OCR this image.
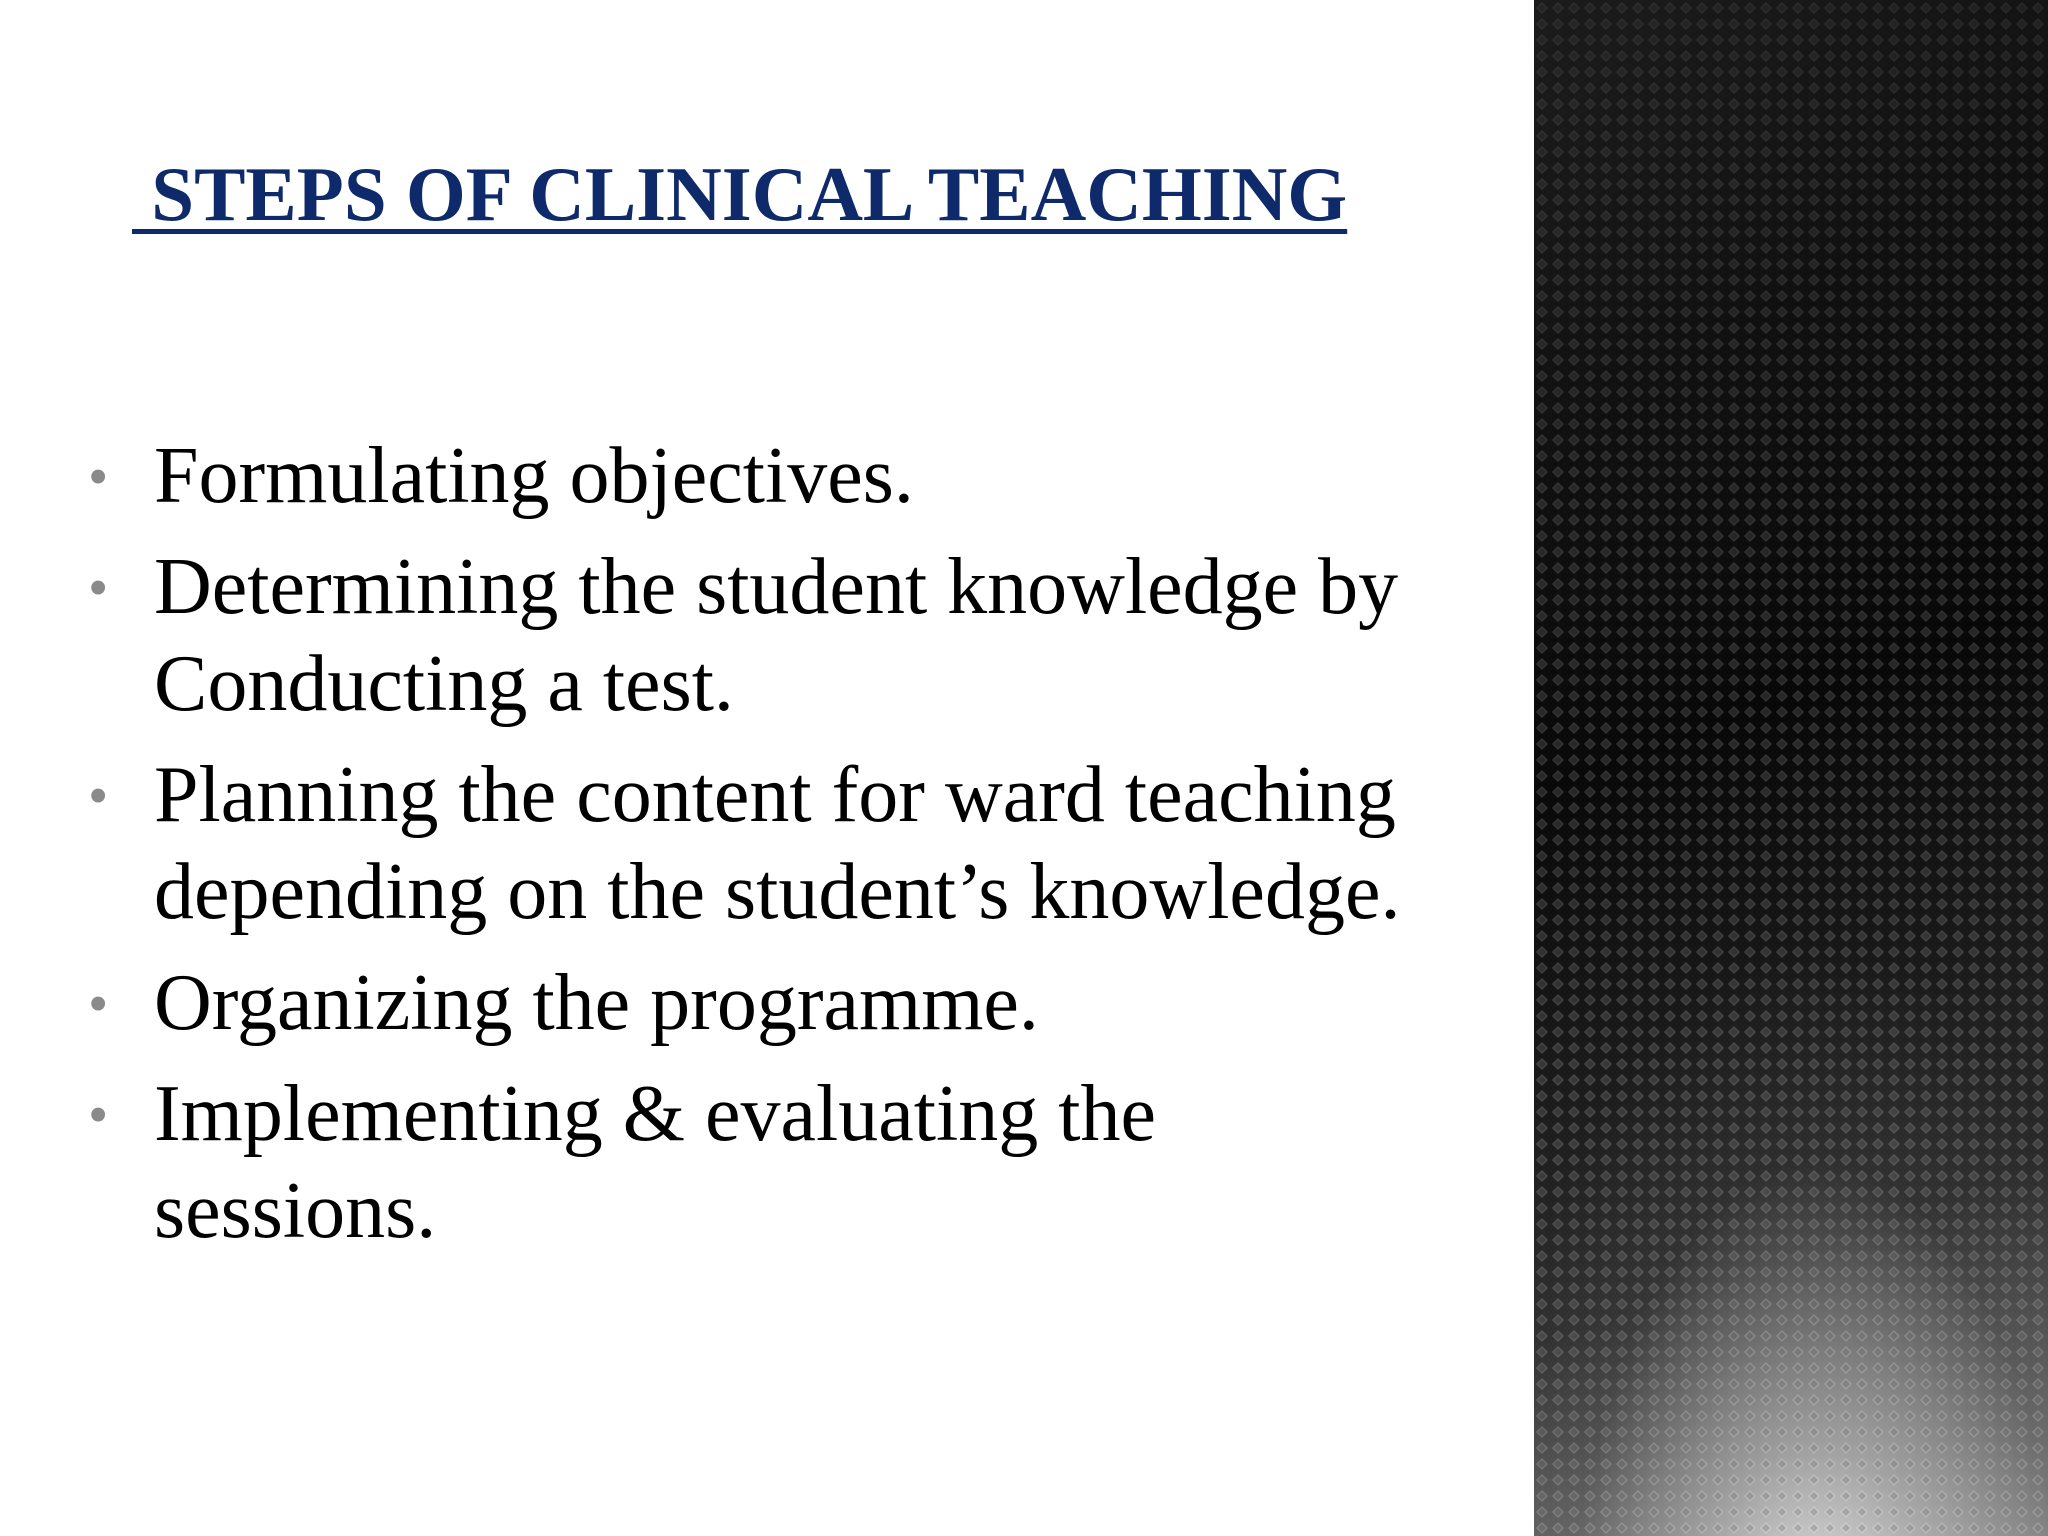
STEPS OF CLINICAL TEACHING
• Formulating objectives.
• Determining the student knowledge by
Conducting a test.
• Planning the content for ward teaching
depending on the student’s knowledge.
• Organizing the programme.
• Implementing & evaluating the
sessions.
